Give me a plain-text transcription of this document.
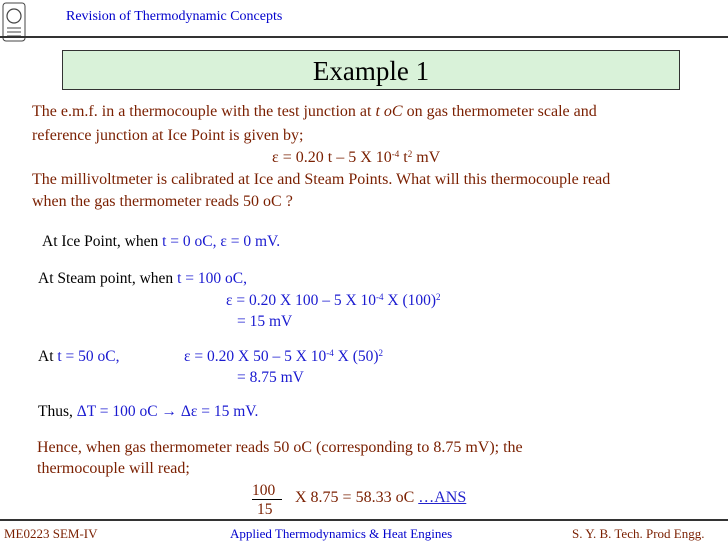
Revision of Thermodynamic Concepts
Example 1
The e.m.f. in a thermocouple with the test junction at t oC on gas thermometer scale and
reference junction at Ice Point is given by;
ε = 0.20 t – 5 X $10^{-4}$ $t^2$ mV
The millivoltmeter is calibrated at Ice and Steam Points. What will this thermocouple read
when the gas thermometer reads 50 oC ?
At Ice Point, when t = 0 oC, ε = 0 mV.
At Steam point, when t = 100 oC,
ε = 0.20 X 100 – 5 X $10^{-4}$ X $(100)^2$
= 15 mV
At t = 50 oC,	ε = 0.20 X 50 – 5 X $10^{-4}$ X $(50)^2$
= 8.75 mV
Thus, ΔT = 100 oC → Δε = 15 mV.
Hence, when gas thermometer reads 50 oC (corresponding to 8.75 mV); the
thermocouple will read;
100
15
X 8.75 = 58.33 oC …ANS
ME0223 SEM-IV	Applied Thermodynamics & Heat Engines	S. Y. B. Tech. Prod Engg.
